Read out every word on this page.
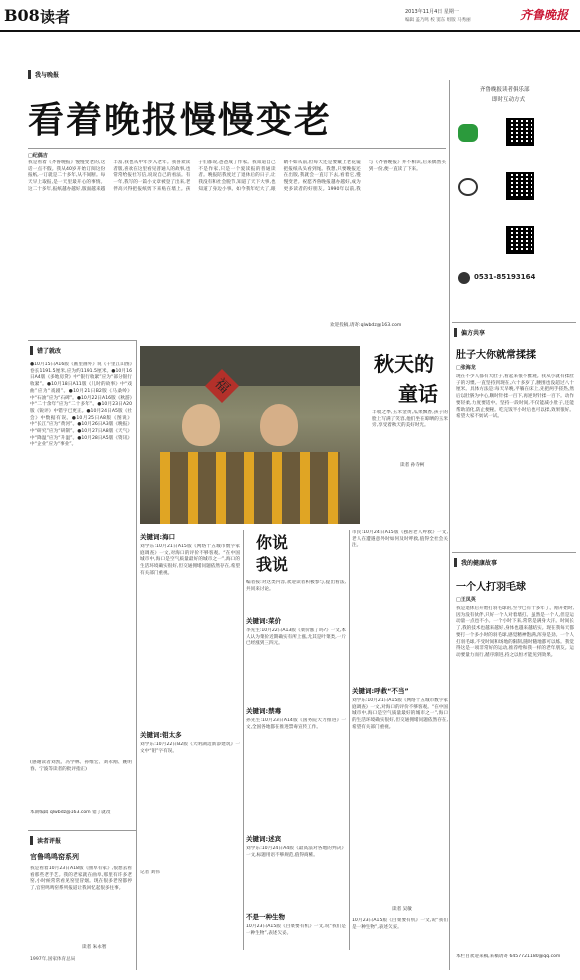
B08 读者	2013年11月4日 星期一
编辑 盖乃鸣 校 窦东 组版 马秀丽	齐鲁晚报
我与晚报
看着晚报慢慢变老
□纪偶吉
我是看着《齐鲁晚报》慢慢变老的,这话一点不假。我从40岁开始订阅这份报纸,一订就是二十多年,从不间断。每天早上取报,是一天里最开心的事情。这二十多年,报纸越办越好,版面越来越丰富,我也从中年步入老年。我喜欢读者版,喜欢在这里看见普通人的故事,也常常给报社写信,说说自己的看法。有一年,我写的一篇小文章被登了出来,老伴高兴得把报纸剪下来贴在墙上。孩子们都说,爸爸成了作家。我知道自己不是作家,只是一个爱读报的普通读者。晚报陪我度过了退休后的日子,让我没有和社会脱节,知道了天下大事,也知道了身边小事。如今我年纪大了,眼睛不如从前,但每天还是要戴上老花镜把报纸从头看到尾。我想,只要晚报还在出版,我就会一直订下去,看着它,慢慢变老。祝愿齐鲁晚报越办越好,成为更多读者的好朋友。1990年以前,我与《齐鲁晚报》并不相识,后来偶然买到一份,便一直读了下来。
欢迎投稿,请寄:qlwbdz@163.com
齐鲁晚报读者俱乐部
即时互动方式
0531-85193164
错了就改
●10月15日A16版《画里画外》说《千里江山图》卷长1191.5厘米,应为约1191.5厘米。●10月16日A4版《多地房贷》中“银行收紧”应为“部分银行收紧”。●10月18日A11版《儿时的故事》中“戏曲”应为“戏剧”。●10月21日B2版《马桑岭》中“石油”应为“石碑”。●10月22日A16版《秋游》中“二十余年”应为“二十多年”。●10月23日A20版《锐评》中错字已更正。●10月24日A5版《社会》中数据有误。●10月25日A8版《图说》中“长江”应为“黄河”。●10月26日A3版《晚报》中“研究”应为“研制”。●10月27日A8版《天气》中“降温”应为“升温”。●10月28日A5版《资讯》中“企业”应为“事业”。
(感谢读者刘凯、冯学林、孙维宏、刘永刚、姚明春、宁波等读者的批评指正)
本期编辑 qlwbdz@163.com 错了就改
读者评报
官鲁鸣鸣窑系列
我是看着10月23日A18版《曲阜有家》,很想去看看那些老手艺。我的老家就在曲阜,那里有许多老窑,小时候常常看见窑里冒烟。现在很多老窑都停了,官窑鸣鸣窑系列报道让我回忆起很多往事。
读者 朱永智
1997年,国家体育总局
福
秋天的
童话
丰收之季,玉米金黄,瓜果飘香,孩子的脸上写满了笑容,他们坐在晾晒的玉米旁,享受着秋天的美好时光。
读者 孙寺柯
关键词:海口
刘学东:10月21日A15版《网络十五城市数字家庭调查》一文,对海口的评价不够客观。“在中国城市中,海口是空气质量最好的城市之一”,海口的生活环境确实很好,但交通拥堵问题依然存在,希望有关部门重视。
关键词:钼太多
刘学东:10月22日B2版《大明湖边新添建筑》一文中“钼”字有误。
记者 刘伟
你说我说
编者按:对这类内容,欢迎读者积极参与,提出看法,共同来讨论。
关键词:菜价
李先生:10月22日A13版《菜价涨了吗?》一文,本人认为菜价近期确实有所上涨,尤其是叶菜类,一斤已经涨到三四元。
关键词:禁毒
孙先生:10月23日A14版《国务院大力推进》一文,全国各地都在推进禁毒宣传工作。
关键词:述宾
刘学东:10月24日A4版《最高法对各地的判决》一文,标题用语不够规范,值得商榷。
不是一种生物
10月23日A15版《白菜要有机》一文,说“我们是一种生物”,表述欠妥。
市民:10月24日A15版《独居老人呼救》一文,老人在遭遇意外时如何及时呼救,值得全社会关注。
关键词:呼救“不当”
刘学东:10月21日A15版《网络十五城市数字家庭调查》一文,对海口的评价不够客观。“在中国城市中,海口是空气质量最好的城市之一”,海口的生活环境确实很好,但交通拥堵问题依然存在,希望有关部门重视。
读者 吴敏
10月23日A15版《白菜要有机》一文,说“我们是一种生物”,表述欠妥。
偏方共享
肚子大你就常揉揉
□张海龙
现在不少人都有大肚子,看起来很不雅观。我从小就有揉肚子的习惯,一直坚持到现在,六十多岁了,腰围也没超过八十厘米。具体方法是:每天早晚,平躺在床上,先把两手搓热,然后以肚脐为中心,顺时针揉一百下,再逆时针揉一百下。动作要轻柔,力度要适中。坚持一段时间,不仅能减小肚子,还能帮助消化,防止便秘。吃完饭半小时后也可以揉,效果很好。希望大家不妨试一试。
我的健康故事
一个人打羽毛球
□王凤英
我是退休后开始打羽毛球的,至今已有十多年了。刚开始时,因为没有伙伴,只好一个人对着墙打。虽然是一个人,但是运动量一点也不小。一个小时下来,常常是满身大汗。时间长了,我的技术也越来越好,身体也越来越结实。现在我每天都要打一个多小时的羽毛球,感觉精神饱满,浑身是劲。一个人打羽毛球,不受时间和场地的限制,随时随地都可以练。我觉得这是一项非常好的运动,推荐给和我一样的老年朋友。运动要量力而行,循序渐进,持之以恒才能见到效果。
本栏目欢迎来稿,来稿请寄 6457721180@qq.com
